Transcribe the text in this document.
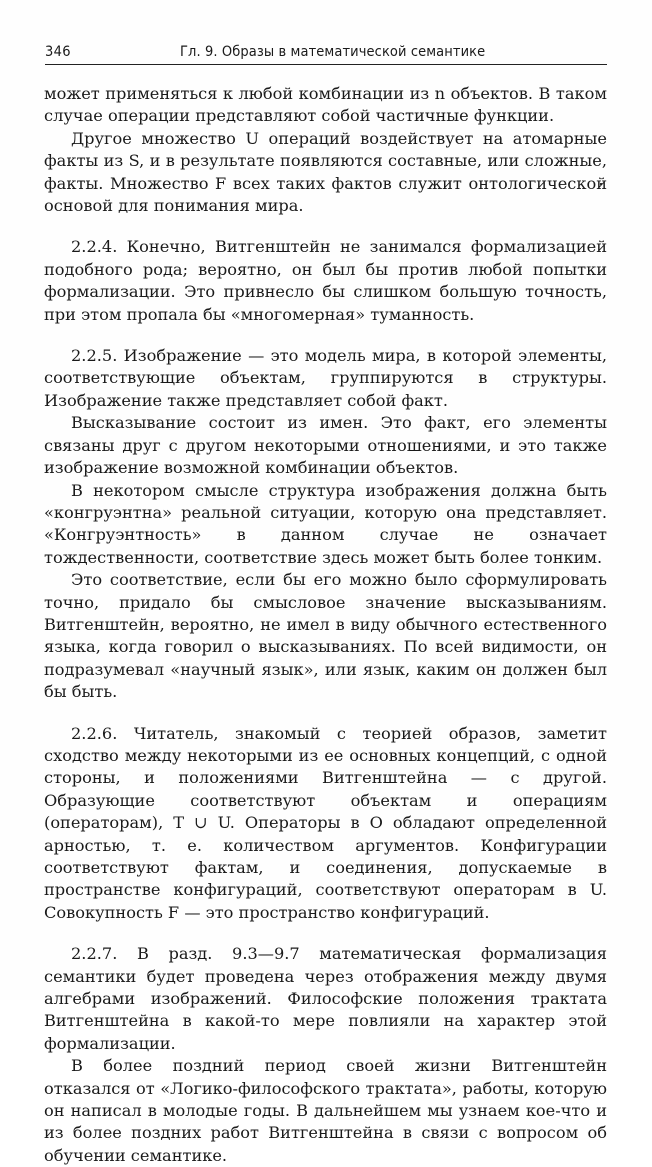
346	Гл. 9. Образы в математической семантике

может применяться к любой комбинации из n объектов. В таком случае операции представляют собой частичные функции.

Другое множество U операций воздействует на атомарные факты из S, и в результате появляются составные, или сложные, факты. Множество F всех таких фактов служит онтологической основой для понимания мира.

2.2.4. Конечно, Витгенштейн не занимался формализацией подобного рода; вероятно, он был бы против любой попытки формализации. Это привнесло бы слишком большую точность, при этом пропала бы «многомерная» туманность.

2.2.5. Изображение — это модель мира, в которой элементы, соответствующие объектам, группируются в структуры. Изображение также представляет собой факт.

Высказывание состоит из имен. Это факт, его элементы связаны друг с другом некоторыми отношениями, и это также изображение возможной комбинации объектов.

В некотором смысле структура изображения должна быть «конгруэнтна» реальной ситуации, которую она представляет. «Конгруэнтность» в данном случае не означает тождественности, соответствие здесь может быть более тонким.

Это соответствие, если бы его можно было сформулировать точно, придало бы смысловое значение высказываниям. Витгенштейн, вероятно, не имел в виду обычного естественного языка, когда говорил о высказываниях. По всей видимости, он подразумевал «научный язык», или язык, каким он должен был бы быть.

2.2.6. Читатель, знакомый с теорией образов, заметит сходство между некоторыми из ее основных концепций, с одной стороны, и положениями Витгенштейна — с другой. Образующие соответствуют объектам и операциям (операторам), T ∪ U. Операторы в O обладают определенной арностью, т. е. количеством аргументов. Конфигурации соответствуют фактам, и соединения, допускаемые в пространстве конфигураций, соответствуют операторам в U. Совокупность F — это пространство конфигураций.

2.2.7. В разд. 9.3—9.7 математическая формализация семантики будет проведена через отображения между двумя алгебрами изображений. Философские положения трактата Витгенштейна в какой-то мере повлияли на характер этой формализации.

В более поздний период своей жизни Витгенштейн отказался от «Логико-философского трактата», работы, которую он написал в молодые годы. В дальнейшем мы узнаем кое-что и из более поздних работ Витгенштейна в связи с вопросом об обучении семантике.
